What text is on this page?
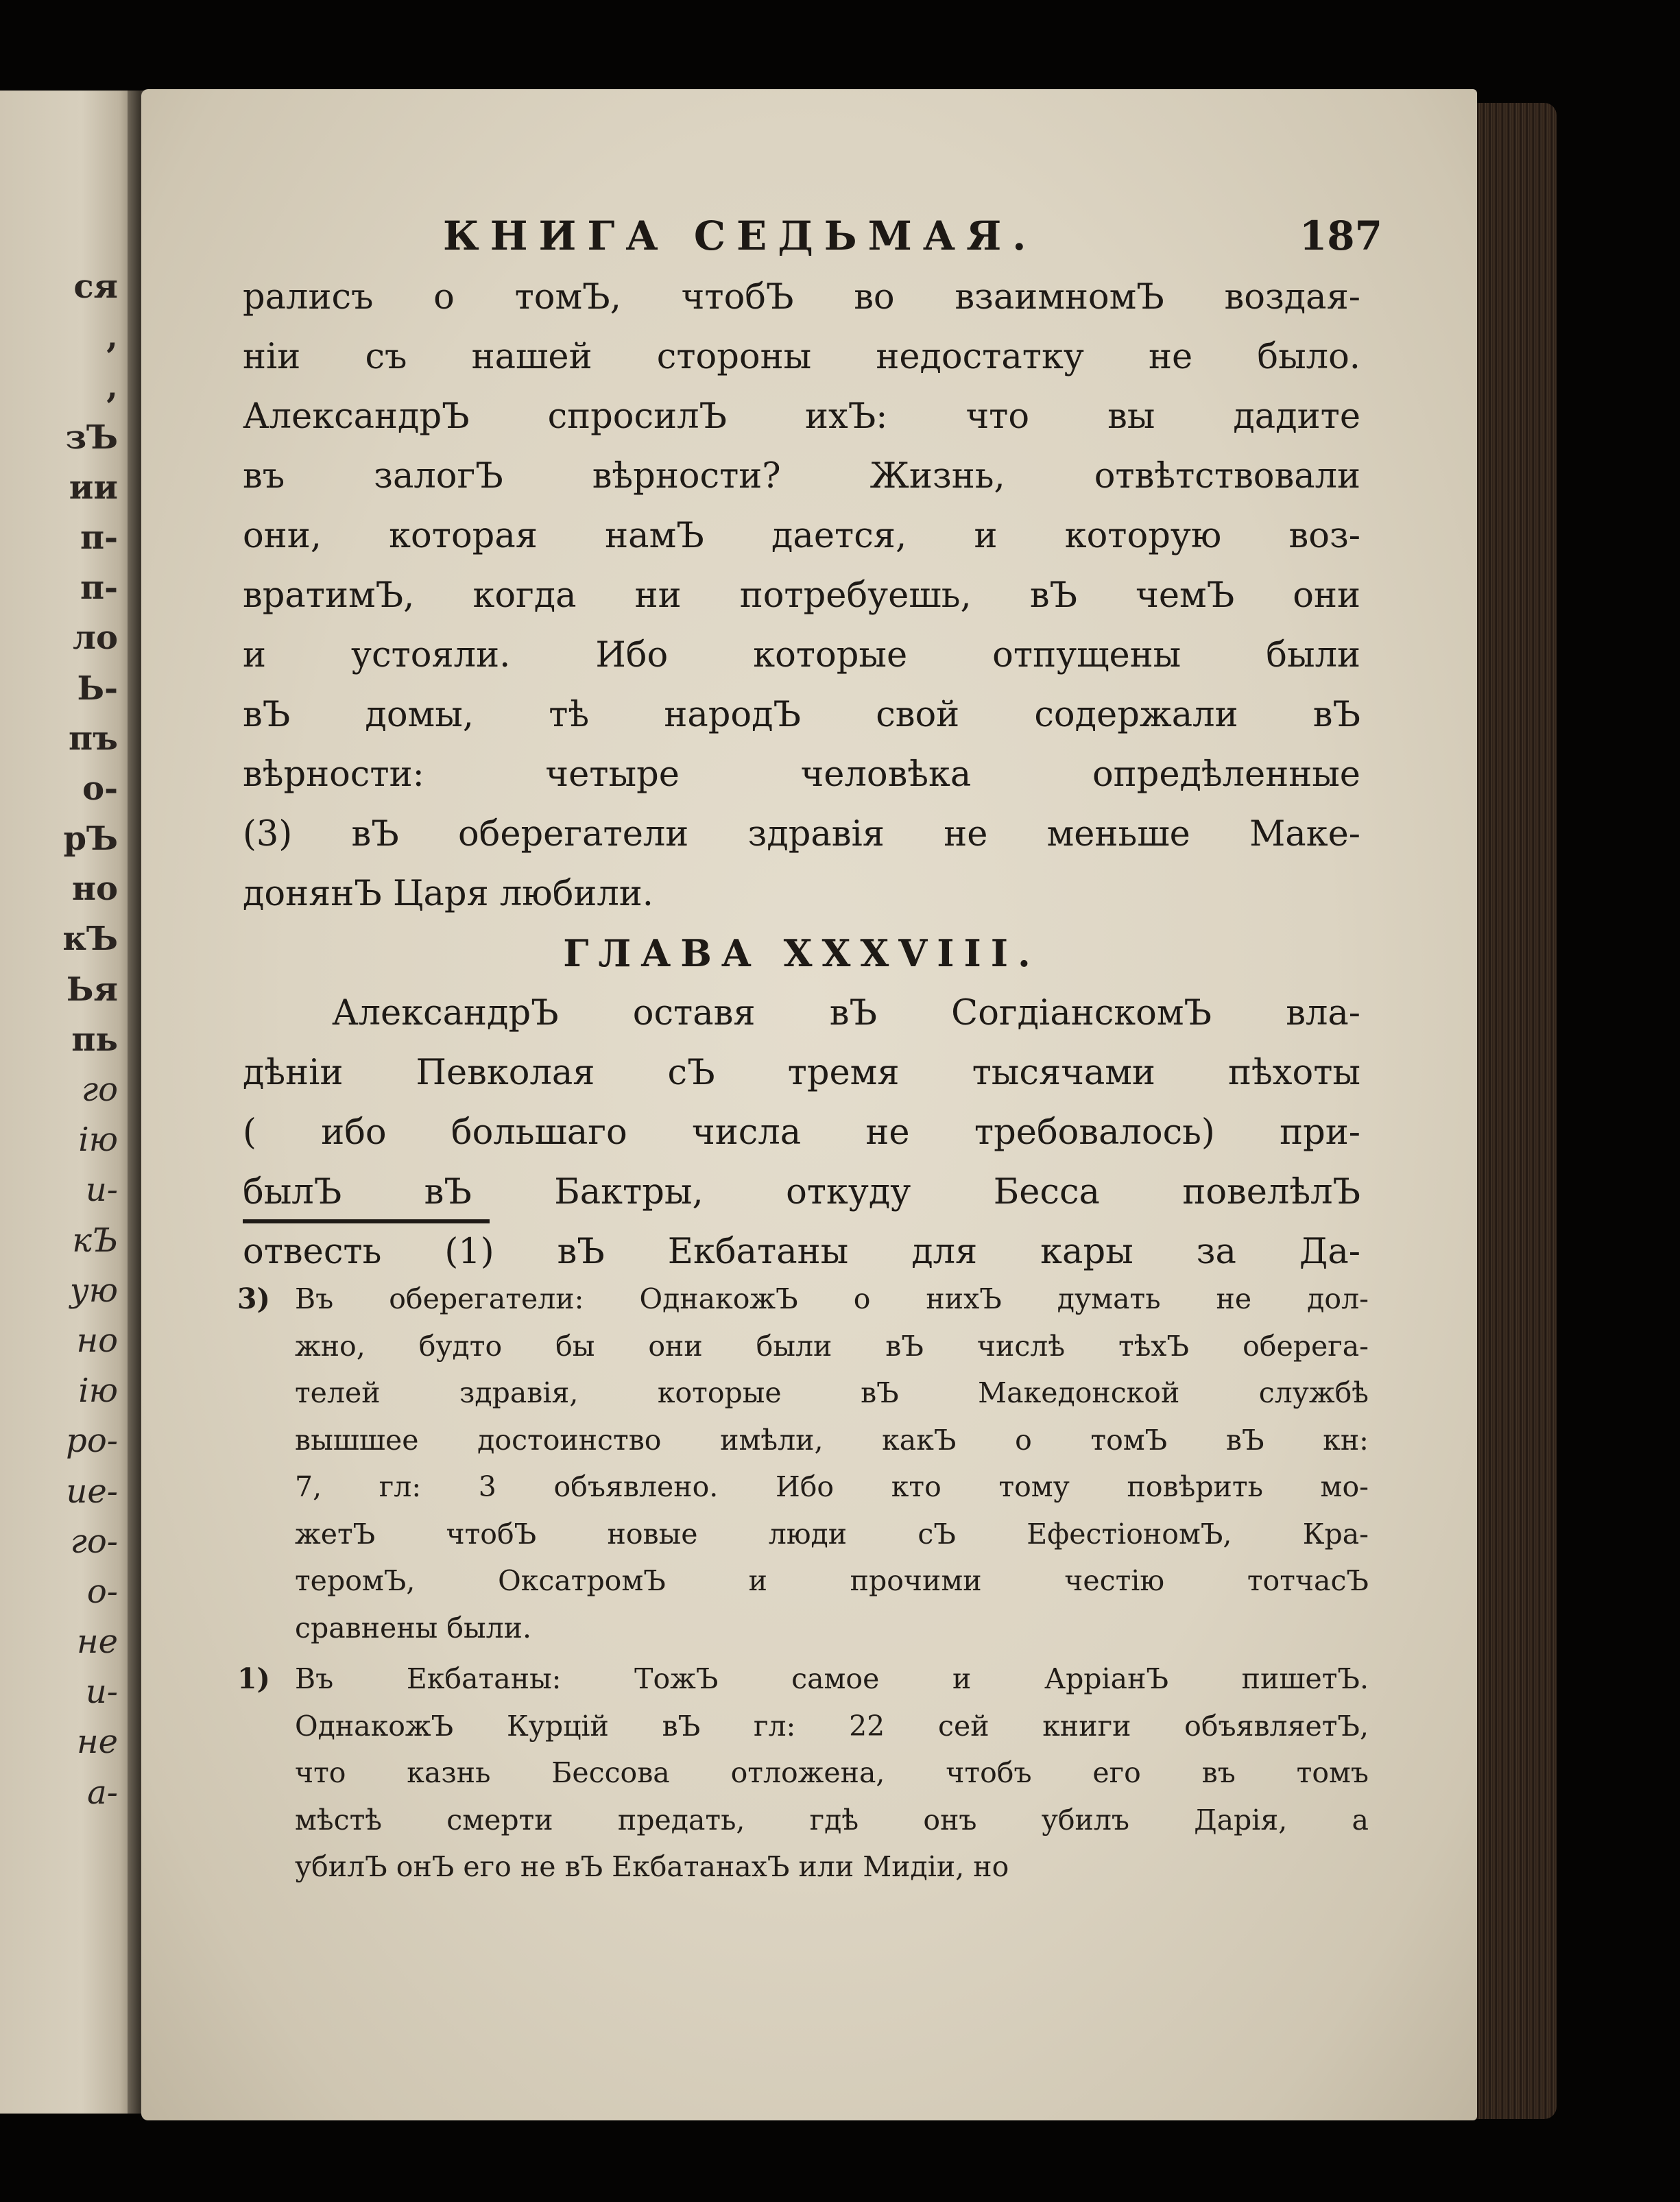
ся
,
,
зЪ
ии
п-
п-
ло
Ь-
пъ
о-
рЪ
но
кЪ
Ья
пь
го
ію
и-
кЪ
ую
но
ію
ро-
ие-
го-
о-
не
и-
не
а-
КНИГА СЕДЬМАЯ.	187
ралисъ о томЪ, чтобЪ во взаимномЪ воздая-
ніи съ нашей стороны недостатку не было.
АлександрЪ спросилЪ ихЪ: что вы дадите
въ залогЪ вѣрности? Жизнь, отвѣтствовали
они, которая намЪ дается, и которую воз-
вратимЪ, когда ни потребуешь, вЪ чемЪ они
и устояли. Ибо которые отпущены были
вЪ домы, тѣ народЪ свой содержали вЪ
вѣрности: четыре человѣка опредѣленные
(3) вЪ оберегатели здравія не меньше Маке-
донянЪ Царя любили.
ГЛАВА XXXVIII.
АлександрЪ оставя вЪ СогдіанскомЪ вла-
дѣніи Певколая сЪ тремя тысячами пѣхоты
( ибо большаго числа не требовалось) при-
былЪ вЪ Бактры, откуду Бесса повелѣлЪ
отвесть (1) вЪ Екбатаны для кары за Да-
3) Въ оберегатели: ОднакожЪ о нихЪ думать не дол-
жно, будто бы они были вЪ числѣ тѣхЪ оберега-
телей здравія, которые вЪ Македонской службѣ
вышшее достоинство имѣли, какЪ о томЪ вЪ кн:
7, гл: 3 объявлено. Ибо кто тому повѣрить мо-
жетЪ чтобЪ новые люди сЪ ЕфестіономЪ, Кра-
теромЪ, ОксатромЪ и прочими честію тотчасЪ
сравнены были.
1) Въ Екбатаны: ТожЪ самое и АрріанЪ пишетЪ.
ОднакожЪ Курцій вЪ гл: 22 сей книги объявляетЪ,
что казнь Бессова отложена, чтобъ его въ томъ
мѣстѣ смерти предать, гдѣ онъ убилъ Дарія, а
убилЪ онЪ его не вЪ ЕкбатанахЪ или Мидіи, но
